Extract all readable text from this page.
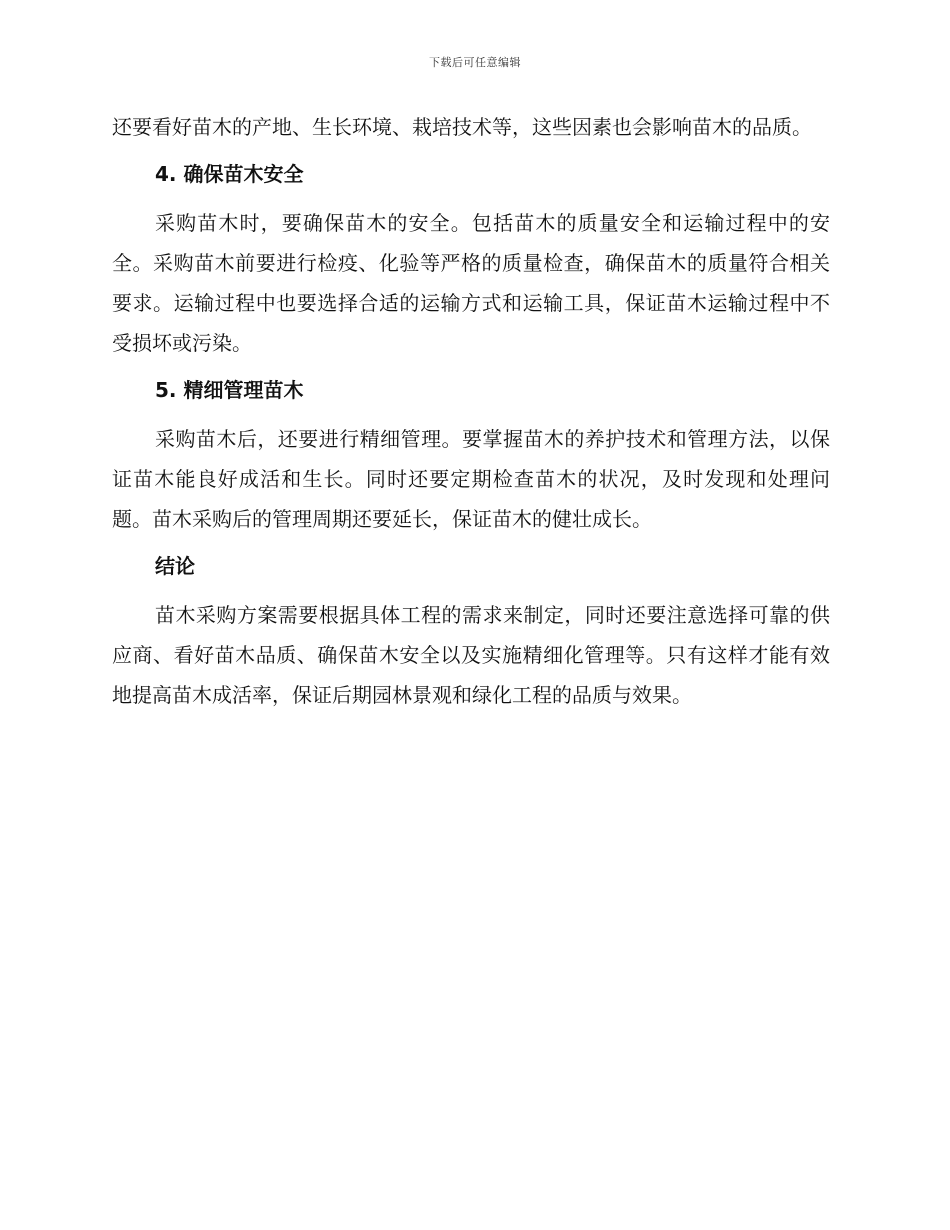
下载后可任意编辑

还要看好苗木的产地、生长环境、栽培技术等，这些因素也会影响苗木的品质。

4. 确保苗木安全

采购苗木时，要确保苗木的安全。包括苗木的质量安全和运输过程中的安全。采购苗木前要进行检疫、化验等严格的质量检查，确保苗木的质量符合相关要求。运输过程中也要选择合适的运输方式和运输工具，保证苗木运输过程中不受损坏或污染。

5. 精细管理苗木

采购苗木后，还要进行精细管理。要掌握苗木的养护技术和管理方法，以保证苗木能良好成活和生长。同时还要定期检查苗木的状况，及时发现和处理问题。苗木采购后的管理周期还要延长，保证苗木的健壮成长。

结论

苗木采购方案需要根据具体工程的需求来制定，同时还要注意选择可靠的供应商、看好苗木品质、确保苗木安全以及实施精细化管理等。只有这样才能有效地提高苗木成活率，保证后期园林景观和绿化工程的品质与效果。
